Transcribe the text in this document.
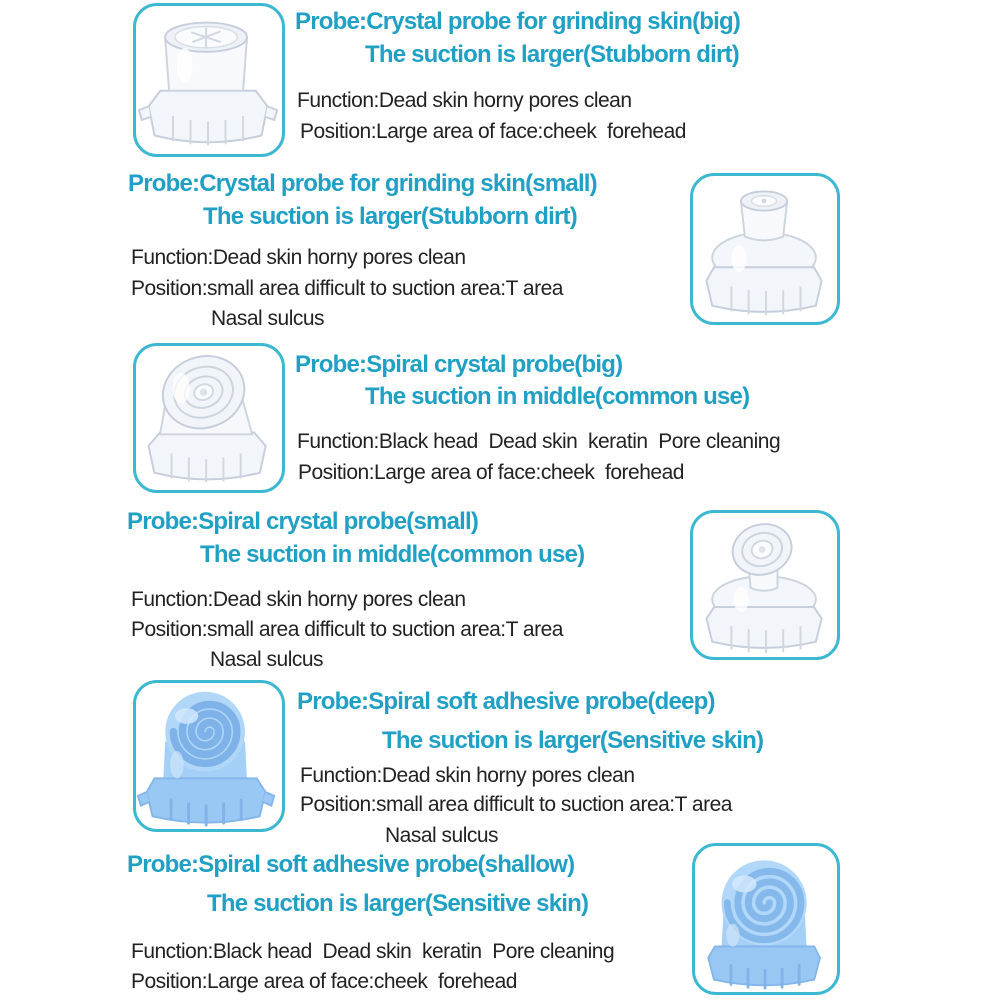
Probe:Crystal probe for grinding skin(big)
The suction is larger(Stubborn dirt)
Function:Dead skin horny pores clean
Position:Large area of face:cheek  forehead
Probe:Crystal probe for grinding skin(small)
The suction is larger(Stubborn dirt)
Function:Dead skin horny pores clean
Position:small area difficult to suction area:T area
Nasal sulcus
Probe:Spiral crystal probe(big)
The suction in middle(common use)
Function:Black head  Dead skin  keratin  Pore cleaning
Position:Large area of face:cheek  forehead
Probe:Spiral crystal probe(small)
The suction in middle(common use)
Function:Dead skin horny pores clean
Position:small area difficult to suction area:T area
Nasal sulcus
Probe:Spiral soft adhesive probe(deep)
The suction is larger(Sensitive skin)
Function:Dead skin horny pores clean
Position:small area difficult to suction area:T area
Nasal sulcus
Probe:Spiral soft adhesive probe(shallow)
The suction is larger(Sensitive skin)
Function:Black head  Dead skin  keratin  Pore cleaning
Position:Large area of face:cheek  forehead
